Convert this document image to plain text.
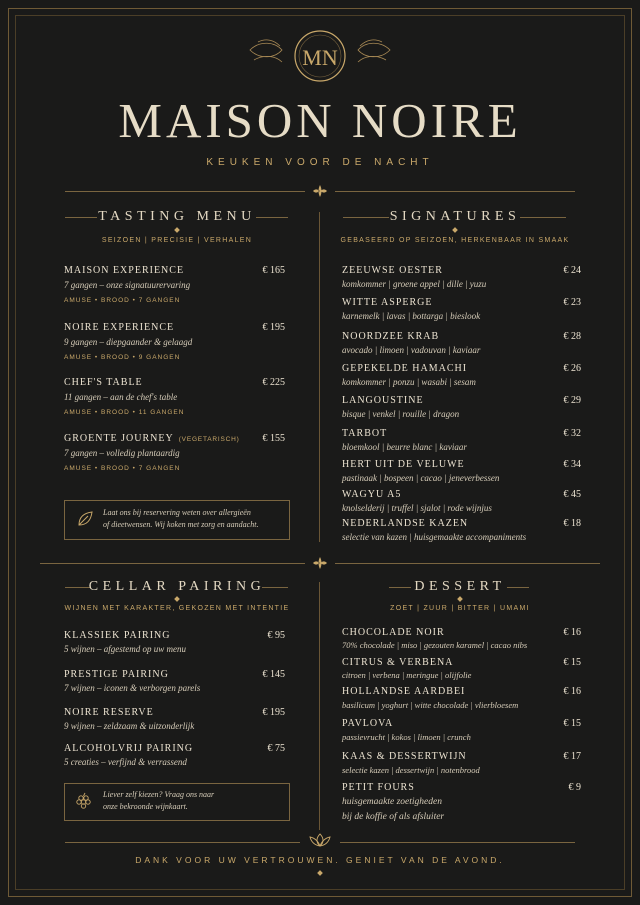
MN
MAISON NOIRE
KEUKEN VOOR DE NACHT
TASTING MENU
SEIZOEN | PRECISIE | VERHALEN
MAISON EXPERIENCE	€ 165
7 gangen – onze signatuurervaring
AMUSE • BROOD • 7 GANGEN
NOIRE EXPERIENCE	€ 195
9 gangen – diepgaander & gelaagd
AMUSE • BROOD • 9 GANGEN
CHEF'S TABLE	€ 225
11 gangen – aan de chef's table
AMUSE • BROOD • 11 GANGEN
GROENTE JOURNEY (VEGETARISCH)	€ 155
7 gangen – volledig plantaardig
AMUSE • BROOD • 7 GANGEN
Laat ons bij reservering weten over allergieën
of dieetwensen. Wij koken met zorg en aandacht.
SIGNATURES
GEBASEERD OP SEIZOEN, HERKENBAAR IN SMAAK
ZEEUWSE OESTER	€ 24
komkommer | groene appel | dille | yuzu
WITTE ASPERGE	€ 23
karnemelk | lavas | bottarga | bieslook
NOORDZEE KRAB	€ 28
avocado | limoen | vadouvan | kaviaar
GEPEKELDE HAMACHI	€ 26
komkommer | ponzu | wasabi | sesam
LANGOUSTINE	€ 29
bisque | venkel | rouille | dragon
TARBOT	€ 32
bloemkool | beurre blanc | kaviaar
HERT UIT DE VELUWE	€ 34
pastinaak | bospeen | cacao | jeneverbessen
WAGYU A5	€ 45
knolselderij | truffel | sjalot | rode wijnjus
NEDERLANDSE KAZEN	€ 18
selectie van kazen | huisgemaakte accompaniments
CELLAR PAIRING
WIJNEN MET KARAKTER, GEKOZEN MET INTENTIE
KLASSIEK PAIRING	€ 95
5 wijnen – afgestemd op uw menu
PRESTIGE PAIRING	€ 145
7 wijnen – iconen & verborgen parels
NOIRE RESERVE	€ 195
9 wijnen – zeldzaam & uitzonderlijk
ALCOHOLVRIJ PAIRING	€ 75
5 creaties – verfijnd & verrassend
Liever zelf kiezen? Vraag ons naar
onze bekroonde wijnkaart.
DESSERT
ZOET | ZUUR | BITTER | UMAMI
CHOCOLADE NOIR	€ 16
70% chocolade | miso | gezouten karamel | cacao nibs
CITRUS & VERBENA	€ 15
citroen | verbena | meringue | olijfolie
HOLLANDSE AARDBEI	€ 16
basilicum | yoghurt | witte chocolade | vlierbloesem
PAVLOVA	€ 15
passievrucht | kokos | limoen | crunch
KAAS & DESSERTWIJN	€ 17
selectie kazen | dessertwijn | notenbrood
PETIT FOURS	€ 9
huisgemaakte zoetigheden
bij de koffie of als afsluiter
DANK VOOR UW VERTROUWEN. GENIET VAN DE AVOND.
